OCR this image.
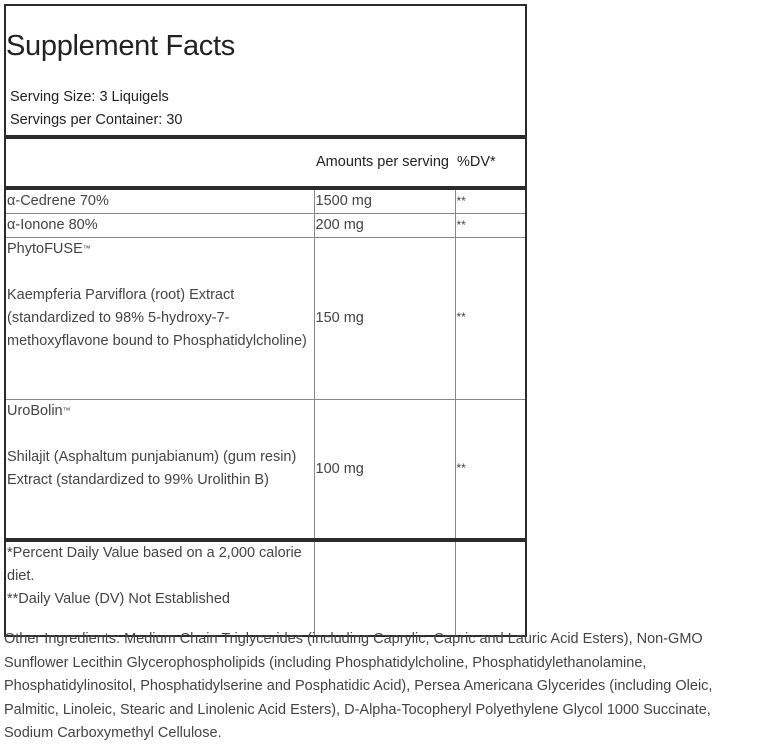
Supplement Facts
Serving Size: 3 Liquigels
Servings per Container: 30
	Amounts per serving	%DV*
α-Cedrene 70%	1500 mg	**
α-Ionone 80%	200 mg	**

PhytoFUSE™
Kaempferia Parviflora (root) Extract (standardized to 98% 5-hydroxy-7-methoxyflavone bound to Phosphatidylcholine)	150 mg	**

UroBolin™
Shilajit (Asphaltum punjabianum) (gum resin) Extract (standardized to 99% Urolithin B)	100 mg	**

*Percent Daily Value based on a 2,000 calorie diet.
**Daily Value (DV) Not Established		

Other Ingredients: Medium Chain Triglycerides (including Caprylic, Capric and Lauric Acid Esters), Non-GMO Sunflower Lecithin Glycerophospholipids (including Phosphatidylcholine, Phosphatidylethanolamine, Phosphatidylinositol, Phosphatidylserine and Posphatidic Acid), Persea Americana Glycerides (including Oleic, Palmitic, Linoleic, Stearic and Linolenic Acid Esters), D-Alpha-Tocopheryl Polyethylene Glycol 1000 Succinate, Sodium Carboxymethyl Cellulose.
